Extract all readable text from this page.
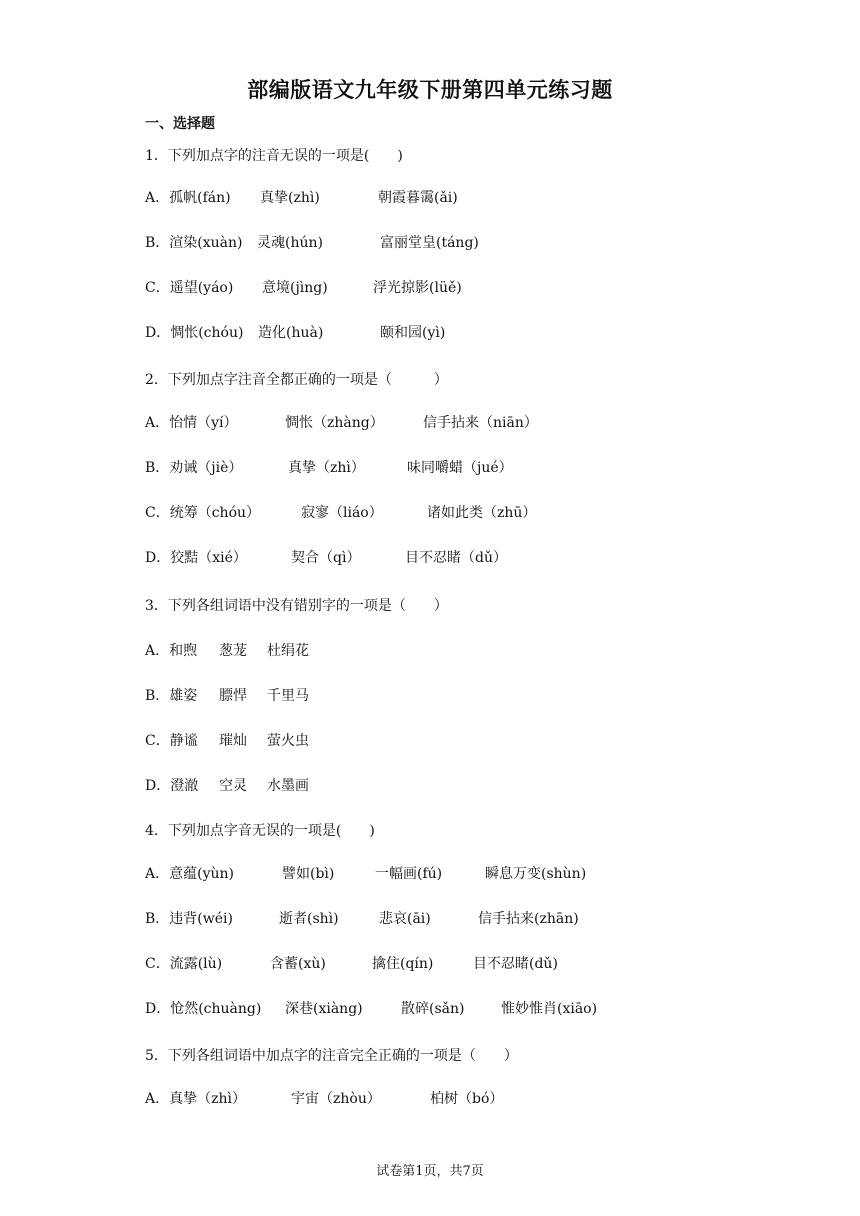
部编版语文九年级下册第四单元练习题
一、选择题
1．下列加点字的注音无误的一项是(　　)
A．孤帆(fán) 真挚(zhì)	朝霞暮霭(ǎi)
B．渲染(xuàn) 灵魂(hún)	富丽堂皇(táng)
C．遥望(yáo) 意境(jìng)	浮光掠影(lüě)
D．惆怅(chóu) 造化(huà)	颐和园(yì)
2．下列加点字注音全都正确的一项是（　　　）
A．怡情（yí）	惆怅（zhàng）	信手拈来（niān）
B．劝诫（jiè）	真挚（zhì）	味同嚼蜡（jué）
C．统筹（chóu）	寂寥（liáo）	诸如此类（zhū）
D．狡黠（xié）	契合（qì）	目不忍睹（dǔ）
3．下列各组词语中没有错别字的一项是（　　）
A．和煦 葱茏 杜绢花
B．雄姿 膘悍 千里马
C．静谧 璀灿 萤火虫
D．澄澈 空灵 水墨画
4．下列加点字音无误的一项是(　　)
A．意蕴(yùn)	譬如(bì)	一幅画(fú)	瞬息万变(shùn)
B．违背(wéi)	逝者(shì)	悲哀(āi)	信手拈来(zhān)
C．流露(lù)	含蓄(xù)	擒住(qín)	目不忍睹(dǔ)
D．怆然(chuàng) 深巷(xiàng)	散碎(sǎn)	惟妙惟肖(xiāo)
5．下列各组词语中加点字的注音完全正确的一项是（　　）
A．真挚（zhì）	宇宙（zhòu）	柏树（bó）
试卷第1页，共7页
